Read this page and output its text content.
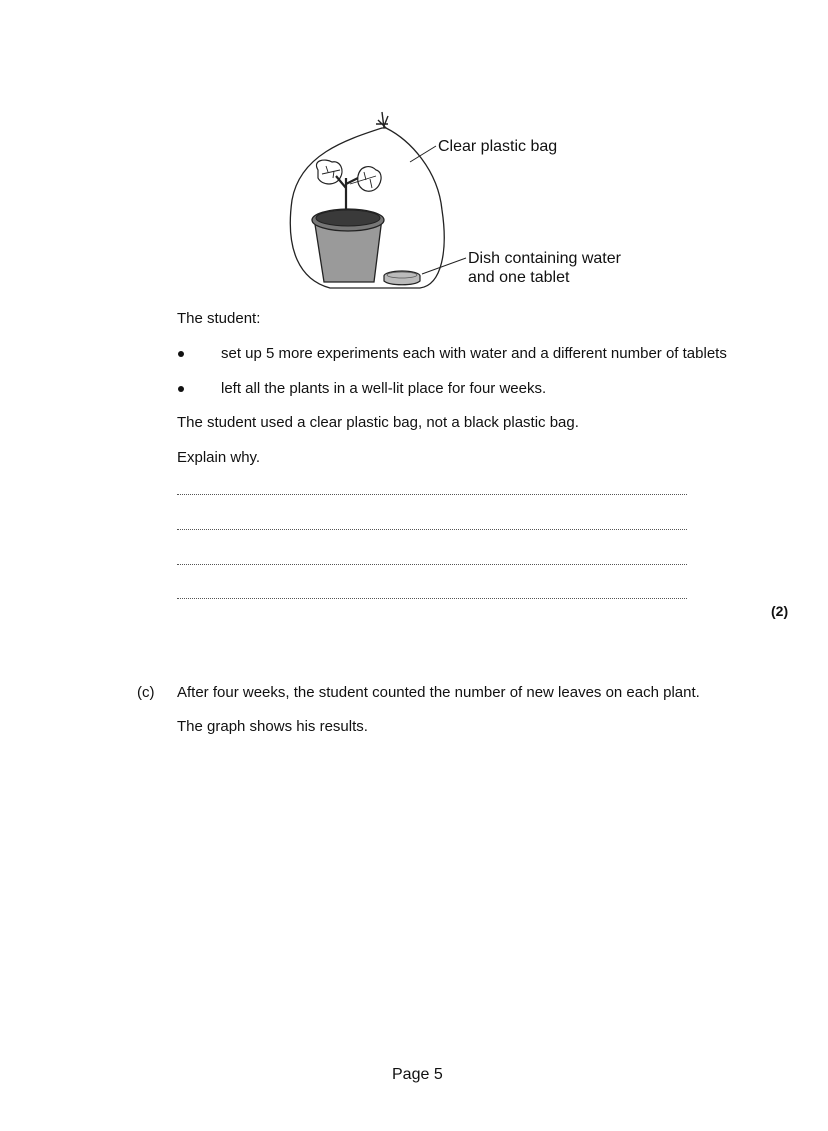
Clear plastic bag
Dish containing water
and one tablet
The student:
set up 5 more experiments each with water and a different number of tablets
left all the plants in a well-lit place for four weeks.
The student used a clear plastic bag, not a black plastic bag.
Explain why.
(2)
(c) After four weeks, the student counted the number of new leaves on each plant.
The graph shows his results.
Page 5
